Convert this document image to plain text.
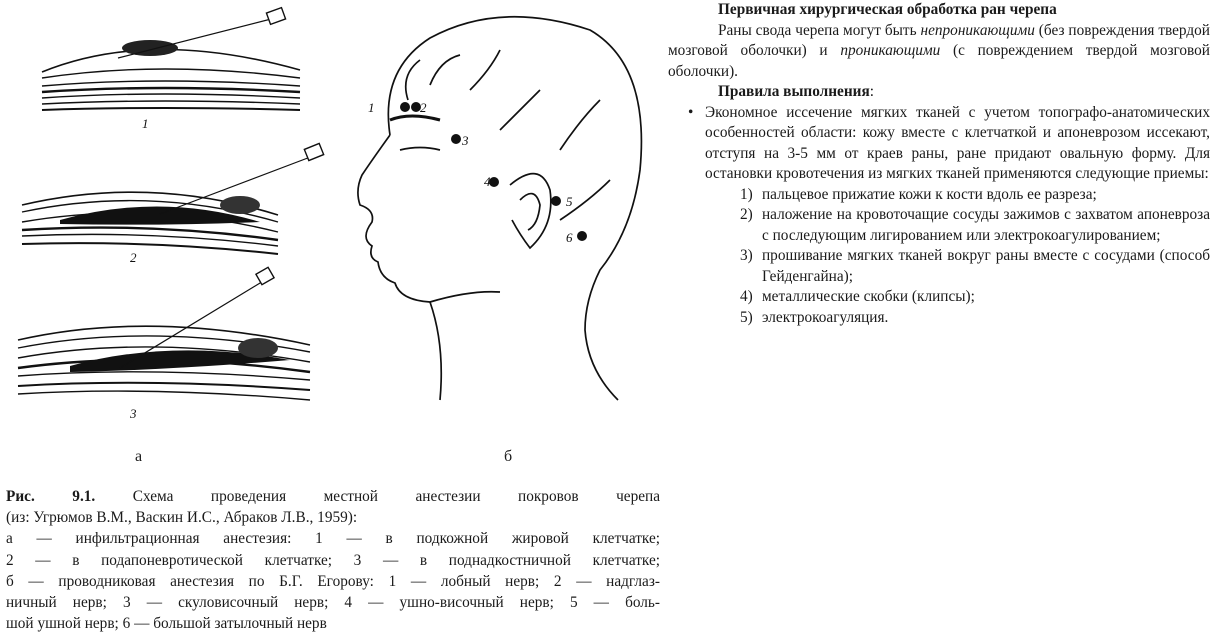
1
2
3
1	2
3
4
5
6
а	б
Рис. 9.1. Схема проведения местной анестезии покровов черепа
(из: Угрюмов В.М., Васкин И.С., Абраков Л.В., 1959):
а — инфильтрационная анестезия: 1 — в подкожной жировой клетчатке;
2 — в подапоневротической клетчатке; 3 — в поднадкостничной клетчатке;
б — проводниковая анестезия по Б.Г. Егорову: 1 — лобный нерв; 2 — надглаз-
ничный нерв; 3 — скуловисочный нерв; 4 — ушно-височный нерв; 5 — боль-
шой ушной нерв; 6 — большой затылочный нерв
Первичная хирургическая обработка ран черепа
Раны свода черепа могут быть непроникающими (без повреждения твердой мозговой оболочки) и проникающими (с повреждением твердой мозговой оболочки).
Правила выполнения:
• Экономное иссечение мягких тканей с учетом топографо-анатомических особенностей области: кожу вместе с клетчаткой и апоневрозом иссекают, отступя на 3-5 мм от краев раны, ране придают овальную форму. Для остановки кровотечения из мягких тканей применяются следующие приемы:
1) пальцевое прижатие кожи к кости вдоль ее разреза;
2) наложение на кровоточащие сосуды зажимов с захватом апоневроза с последующим лигированием или электрокоагулированием;
3) прошивание мягких тканей вокруг раны вместе с сосудами (способ Гейденгайна);
4) металлические скобки (клипсы);
5) электрокоагуляция.
